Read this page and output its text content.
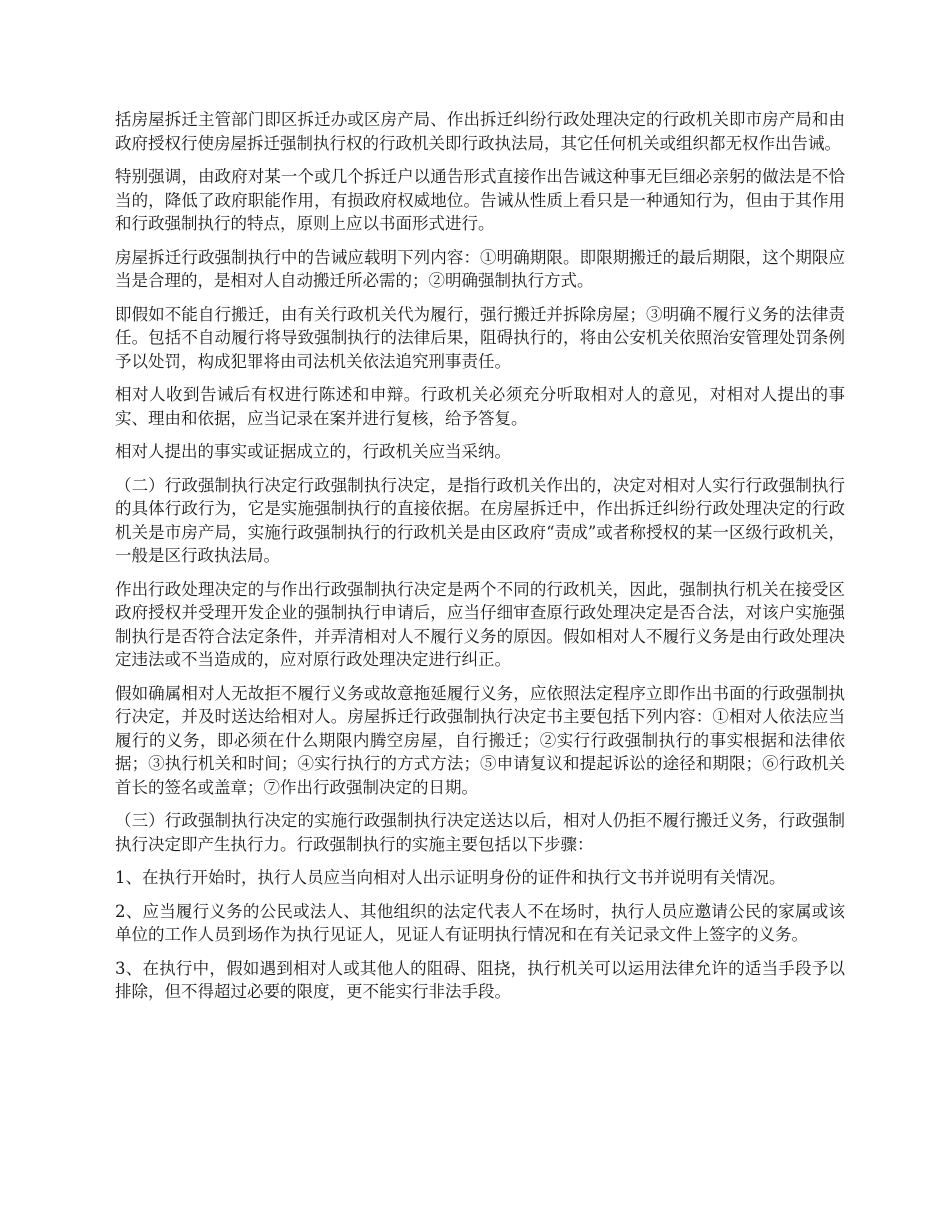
括房屋拆迁主管部门即区拆迁办或区房产局、作出拆迁纠纷行政处理决定的行政机关即市房产局和由政府授权行使房屋拆迁强制执行权的行政机关即行政执法局，其它任何机关或组织都无权作出告诫。

特别强调，由政府对某一个或几个拆迁户以通告形式直接作出告诫这种事无巨细必亲躬的做法是不恰当的，降低了政府职能作用，有损政府权威地位。告诫从性质上看只是一种通知行为，但由于其作用和行政强制执行的特点，原则上应以书面形式进行。

房屋拆迁行政强制执行中的告诫应载明下列内容：①明确期限。即限期搬迁的最后期限，这个期限应当是合理的，是相对人自动搬迁所必需的；②明确强制执行方式。

即假如不能自行搬迁，由有关行政机关代为履行，强行搬迁并拆除房屋；③明确不履行义务的法律责任。包括不自动履行将导致强制执行的法律后果，阻碍执行的，将由公安机关依照治安管理处罚条例予以处罚，构成犯罪将由司法机关依法追究刑事责任。

相对人收到告诫后有权进行陈述和申辩。行政机关必须充分听取相对人的意见，对相对人提出的事实、理由和依据，应当记录在案并进行复核，给予答复。

相对人提出的事实或证据成立的，行政机关应当采纳。

（二）行政强制执行决定行政强制执行决定，是指行政机关作出的，决定对相对人实行行政强制执行的具体行政行为，它是实施强制执行的直接依据。在房屋拆迁中，作出拆迁纠纷行政处理决定的行政机关是市房产局，实施行政强制执行的行政机关是由区政府“责成”或者称授权的某一区级行政机关，一般是区行政执法局。

作出行政处理决定的与作出行政强制执行决定是两个不同的行政机关，因此，强制执行机关在接受区政府授权并受理开发企业的强制执行申请后，应当仔细审查原行政处理决定是否合法，对该户实施强制执行是否符合法定条件，并弄清相对人不履行义务的原因。假如相对人不履行义务是由行政处理决定违法或不当造成的，应对原行政处理决定进行纠正。

假如确属相对人无故拒不履行义务或故意拖延履行义务，应依照法定程序立即作出书面的行政强制执行决定，并及时送达给相对人。房屋拆迁行政强制执行决定书主要包括下列内容：①相对人依法应当履行的义务，即必须在什么期限内腾空房屋，自行搬迁；②实行行政强制执行的事实根据和法律依据；③执行机关和时间；④实行执行的方式方法；⑤申请复议和提起诉讼的途径和期限；⑥行政机关首长的签名或盖章；⑦作出行政强制决定的日期。

（三）行政强制执行决定的实施行政强制执行决定送达以后，相对人仍拒不履行搬迁义务，行政强制执行决定即产生执行力。行政强制执行的实施主要包括以下步骤：

1、在执行开始时，执行人员应当向相对人出示证明身份的证件和执行文书并说明有关情况。

2、应当履行义务的公民或法人、其他组织的法定代表人不在场时，执行人员应邀请公民的家属或该单位的工作人员到场作为执行见证人，见证人有证明执行情况和在有关记录文件上签字的义务。

3、在执行中，假如遇到相对人或其他人的阻碍、阻挠，执行机关可以运用法律允许的适当手段予以排除，但不得超过必要的限度，更不能实行非法手段。
